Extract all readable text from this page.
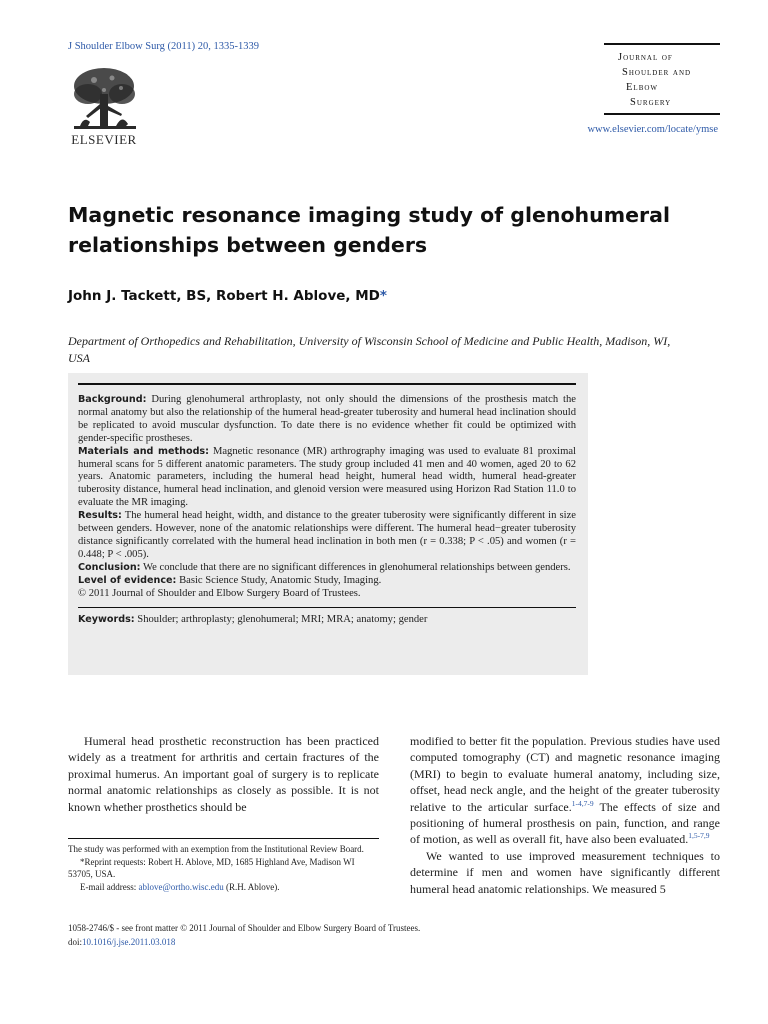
J Shoulder Elbow Surg (2011) 20, 1335-1339
ELSEVIER
Journal of
Shoulder and
Elbow
Surgery
www.elsevier.com/locate/ymse
Magnetic resonance imaging study of glenohumeral relationships between genders
John J. Tackett, BS, Robert H. Ablove, MD*
Department of Orthopedics and Rehabilitation, University of Wisconsin School of Medicine and Public Health, Madison, WI, USA

Background: During glenohumeral arthroplasty, not only should the dimensions of the prosthesis match the normal anatomy but also the relationship of the humeral head-greater tuberosity and humeral head inclination should be replicated to avoid muscular dysfunction. To date there is no evidence whether fit could be optimized with gender-specific prostheses.

Materials and methods: Magnetic resonance (MR) arthrography imaging was used to evaluate 81 proximal humeral scans for 5 different anatomic parameters. The study group included 41 men and 40 women, aged 20 to 62 years. Anatomic parameters, including the humeral head height, humeral head width, humeral head-greater tuberosity distance, humeral head inclination, and glenoid version were measured using Horizon Rad Station 11.0 to evaluate the MR imaging.

Results: The humeral head height, width, and distance to the greater tuberosity were significantly different in size between genders. However, none of the anatomic relationships were different. The humeral head−greater tuberosity distance significantly correlated with the humeral head inclination in both men (r = 0.338; P < .05) and women (r = 0.448; P < .005).

Conclusion: We conclude that there are no significant differences in glenohumeral relationships between genders.

Level of evidence: Basic Science Study, Anatomic Study, Imaging.

© 2011 Journal of Shoulder and Elbow Surgery Board of Trustees.

Keywords: Shoulder; arthroplasty; glenohumeral; MRI; MRA; anatomy; gender

Humeral head prosthetic reconstruction has been practiced widely as a treatment for arthritis and certain fractures of the proximal humerus. An important goal of surgery is to replicate normal anatomic relationships as closely as possible. It is not known whether prosthetics should be

modified to better fit the population. Previous studies have used computed tomography (CT) and magnetic resonance imaging (MRI) to begin to evaluate humeral anatomy, including size, offset, head neck angle, and the height of the greater tuberosity relative to the articular surface.$^{1-4,7-9}$ The effects of size and positioning of humeral prosthesis on pain, function, and range of motion, as well as overall fit, have also been evaluated.$^{1,5-7,9}$

We wanted to use improved measurement techniques to determine if men and women have significantly different humeral head anatomic relationships. We measured 5

The study was performed with an exemption from the Institutional Review Board.

*Reprint requests: Robert H. Ablove, MD, 1685 Highland Ave, Madison WI 53705, USA.

E-mail address: ablove@ortho.wisc.edu (R.H. Ablove).

1058-2746/$ - see front matter © 2011 Journal of Shoulder and Elbow Surgery Board of Trustees.
doi:10.1016/j.jse.2011.03.018
